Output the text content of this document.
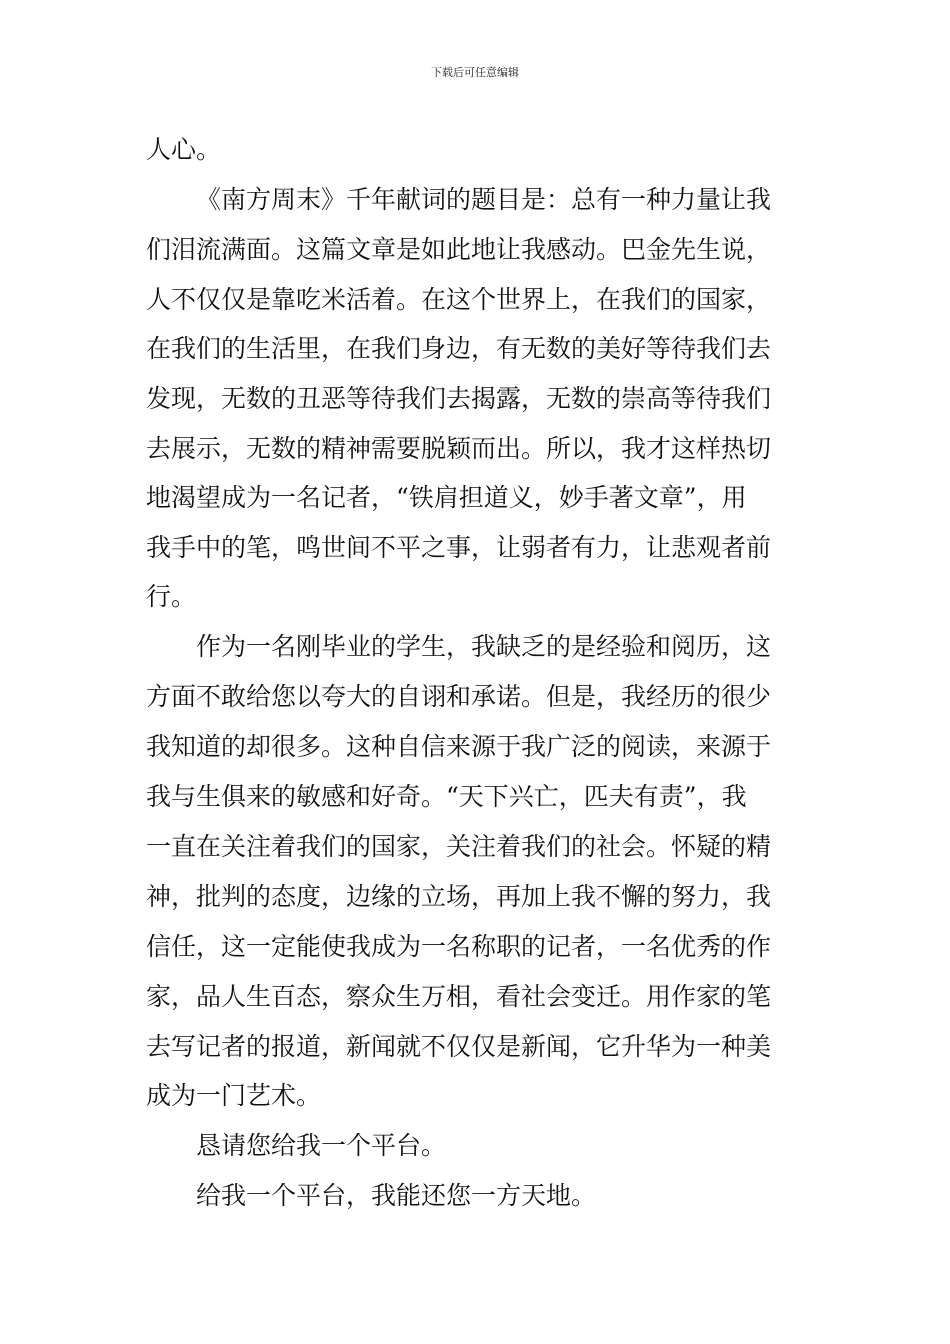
下载后可任意编辑
人心。
《南方周末》千年献词的题目是：总有一种力量让我
们泪流满面。这篇文章是如此地让我感动。巴金先生说，
人不仅仅是靠吃米活着。在这个世界上，在我们的国家，
在我们的生活里，在我们身边，有无数的美好等待我们去
发现，无数的丑恶等待我们去揭露，无数的崇高等待我们
去展示，无数的精神需要脱颖而出。所以，我才这样热切
地渴望成为一名记者，“铁肩担道义，妙手著文章”，用
我手中的笔，鸣世间不平之事，让弱者有力，让悲观者前
行。
作为一名刚毕业的学生，我缺乏的是经验和阅历，这
方面不敢给您以夸大的自诩和承诺。但是，我经历的很少
我知道的却很多。这种自信来源于我广泛的阅读，来源于
我与生俱来的敏感和好奇。“天下兴亡，匹夫有责”，我
一直在关注着我们的国家，关注着我们的社会。怀疑的精
神，批判的态度，边缘的立场，再加上我不懈的努力，我
信任，这一定能使我成为一名称职的记者，一名优秀的作
家，品人生百态，察众生万相，看社会变迁。用作家的笔
去写记者的报道，新闻就不仅仅是新闻，它升华为一种美
成为一门艺术。
恳请您给我一个平台。
给我一个平台，我能还您一方天地。
